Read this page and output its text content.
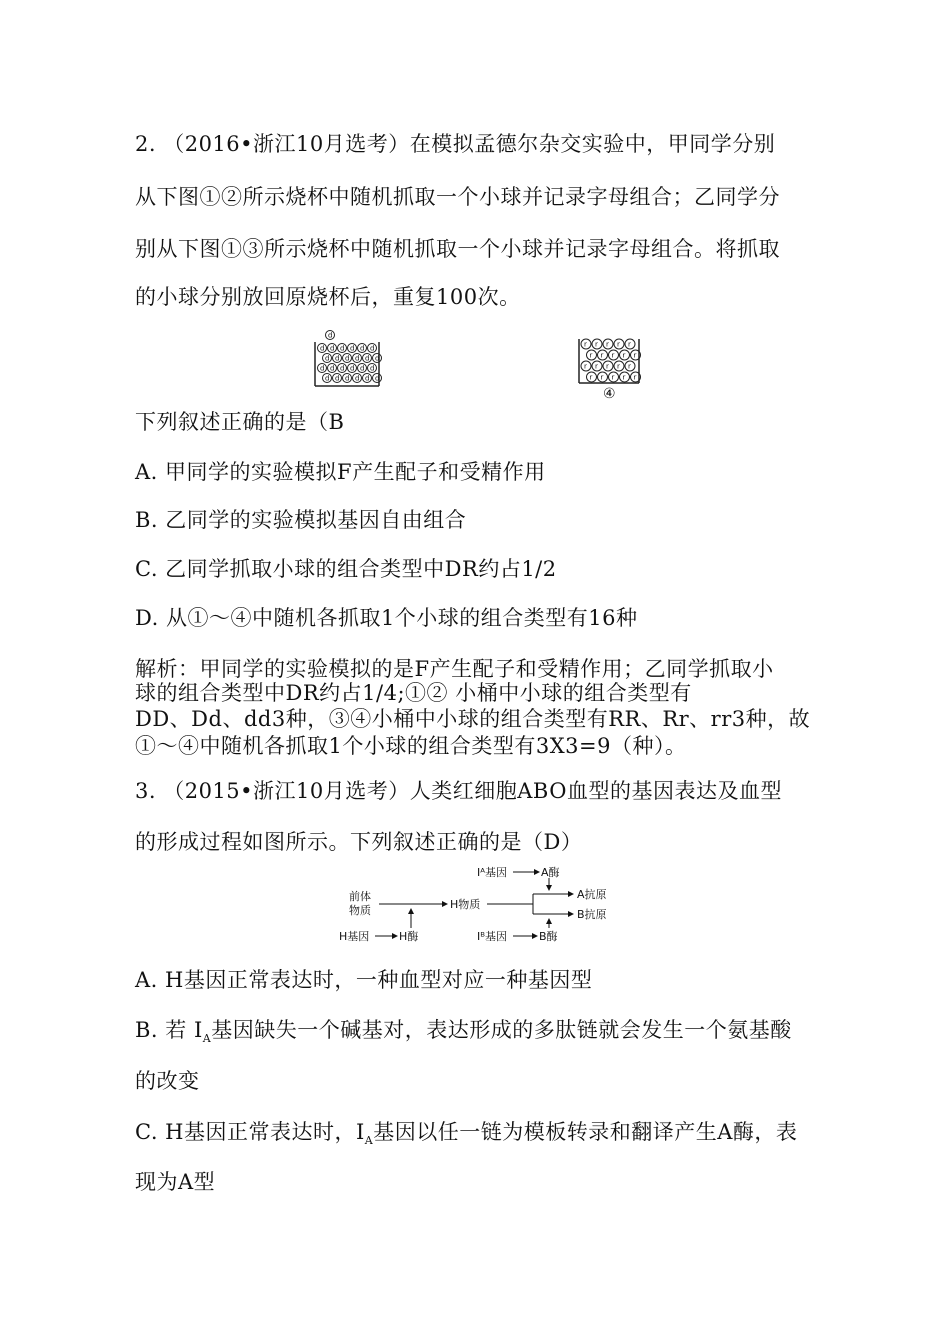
2. （2016•浙江10月选考）在模拟孟德尔杂交实验中，甲同学分别
从下图①②所示烧杯中随机抓取一个小球并记录字母组合；乙同学分
别从下图①③所示烧杯中随机抓取一个小球并记录字母组合。将抓取
的小球分别放回原烧杯后，重复100次。
d
d d d d d d
d d d d d d
d d d d d d
d d d d d d
r r r r r
r r r r r
r r r r r
r r r r r
④
下列叙述正确的是（B
A. 甲同学的实验模拟F产生配子和受精作用
B. 乙同学的实验模拟基因自由组合
C. 乙同学抓取小球的组合类型中DR约占1/2
D. 从①〜④中随机各抓取1个小球的组合类型有16种
解析：甲同学的实验模拟的是F产生配子和受精作用；乙同学抓取小
球的组合类型中DR约占1/4;①② 小桶中小球的组合类型有
DD、Dd、dd3种，③④小桶中小球的组合类型有RR、Rr、rr3种，故
①〜④中随机各抓取1个小球的组合类型有3X3=9（种）。
3. （2015•浙江10月选考）人类红细胞ABO血型的基因表达及血型
的形成过程如图所示。下列叙述正确的是（D）
前体
物质	H物质
A抗原
B抗原
Iᴬ基因	A酶
H基因	H酶	Iᴮ基因	B酶
A. H基因正常表达时，一种血型对应一种基因型
B. 若 $I_A$基因缺失一个碱基对，表达形成的多肽链就会发生一个氨基酸
的改变
C. H基因正常表达时，$I_A$基因以任一链为模板转录和翻译产生A酶，表
现为A型
